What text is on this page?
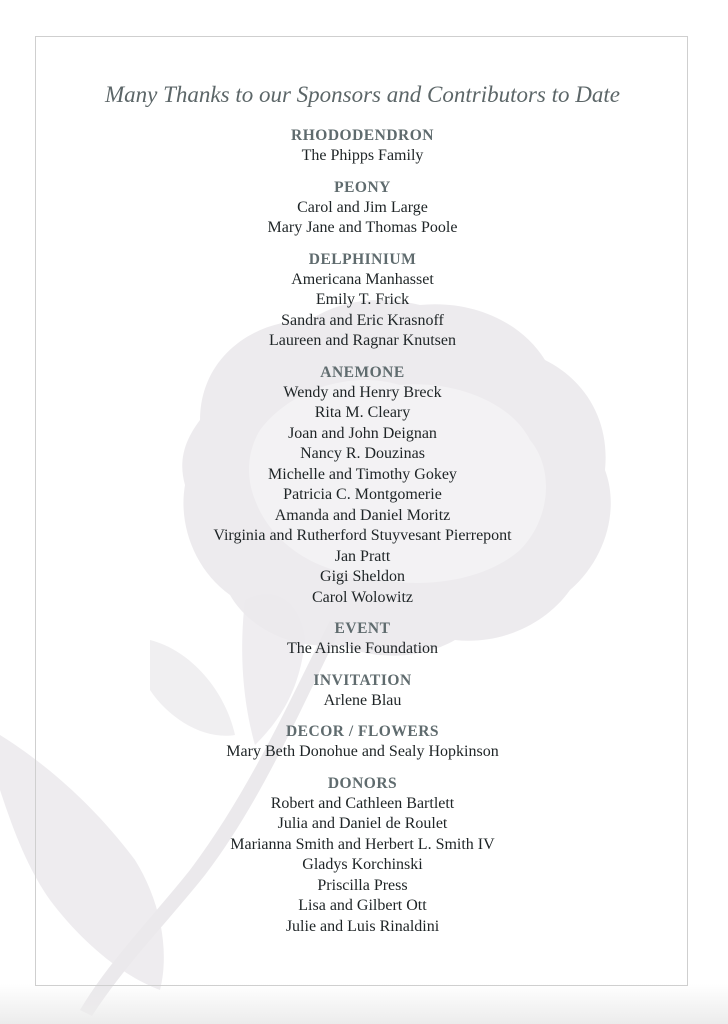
Many Thanks to our Sponsors and Contributors to Date
RHODODENDRON
The Phipps Family
PEONY
Carol and Jim Large
Mary Jane and Thomas Poole
DELPHINIUM
Americana Manhasset
Emily T. Frick
Sandra and Eric Krasnoff
Laureen and Ragnar Knutsen
ANEMONE
Wendy and Henry Breck
Rita M. Cleary
Joan and John Deignan
Nancy R. Douzinas
Michelle and Timothy Gokey
Patricia C. Montgomerie
Amanda and Daniel Moritz
Virginia and Rutherford Stuyvesant Pierrepont
Jan Pratt
Gigi Sheldon
Carol Wolowitz
EVENT
The Ainslie Foundation
INVITATION
Arlene Blau
DECOR / FLOWERS
Mary Beth Donohue and Sealy Hopkinson
DONORS
Robert and Cathleen Bartlett
Julia and Daniel de Roulet
Marianna Smith and Herbert L. Smith IV
Gladys Korchinski
Priscilla Press
Lisa and Gilbert Ott
Julie and Luis Rinaldini
